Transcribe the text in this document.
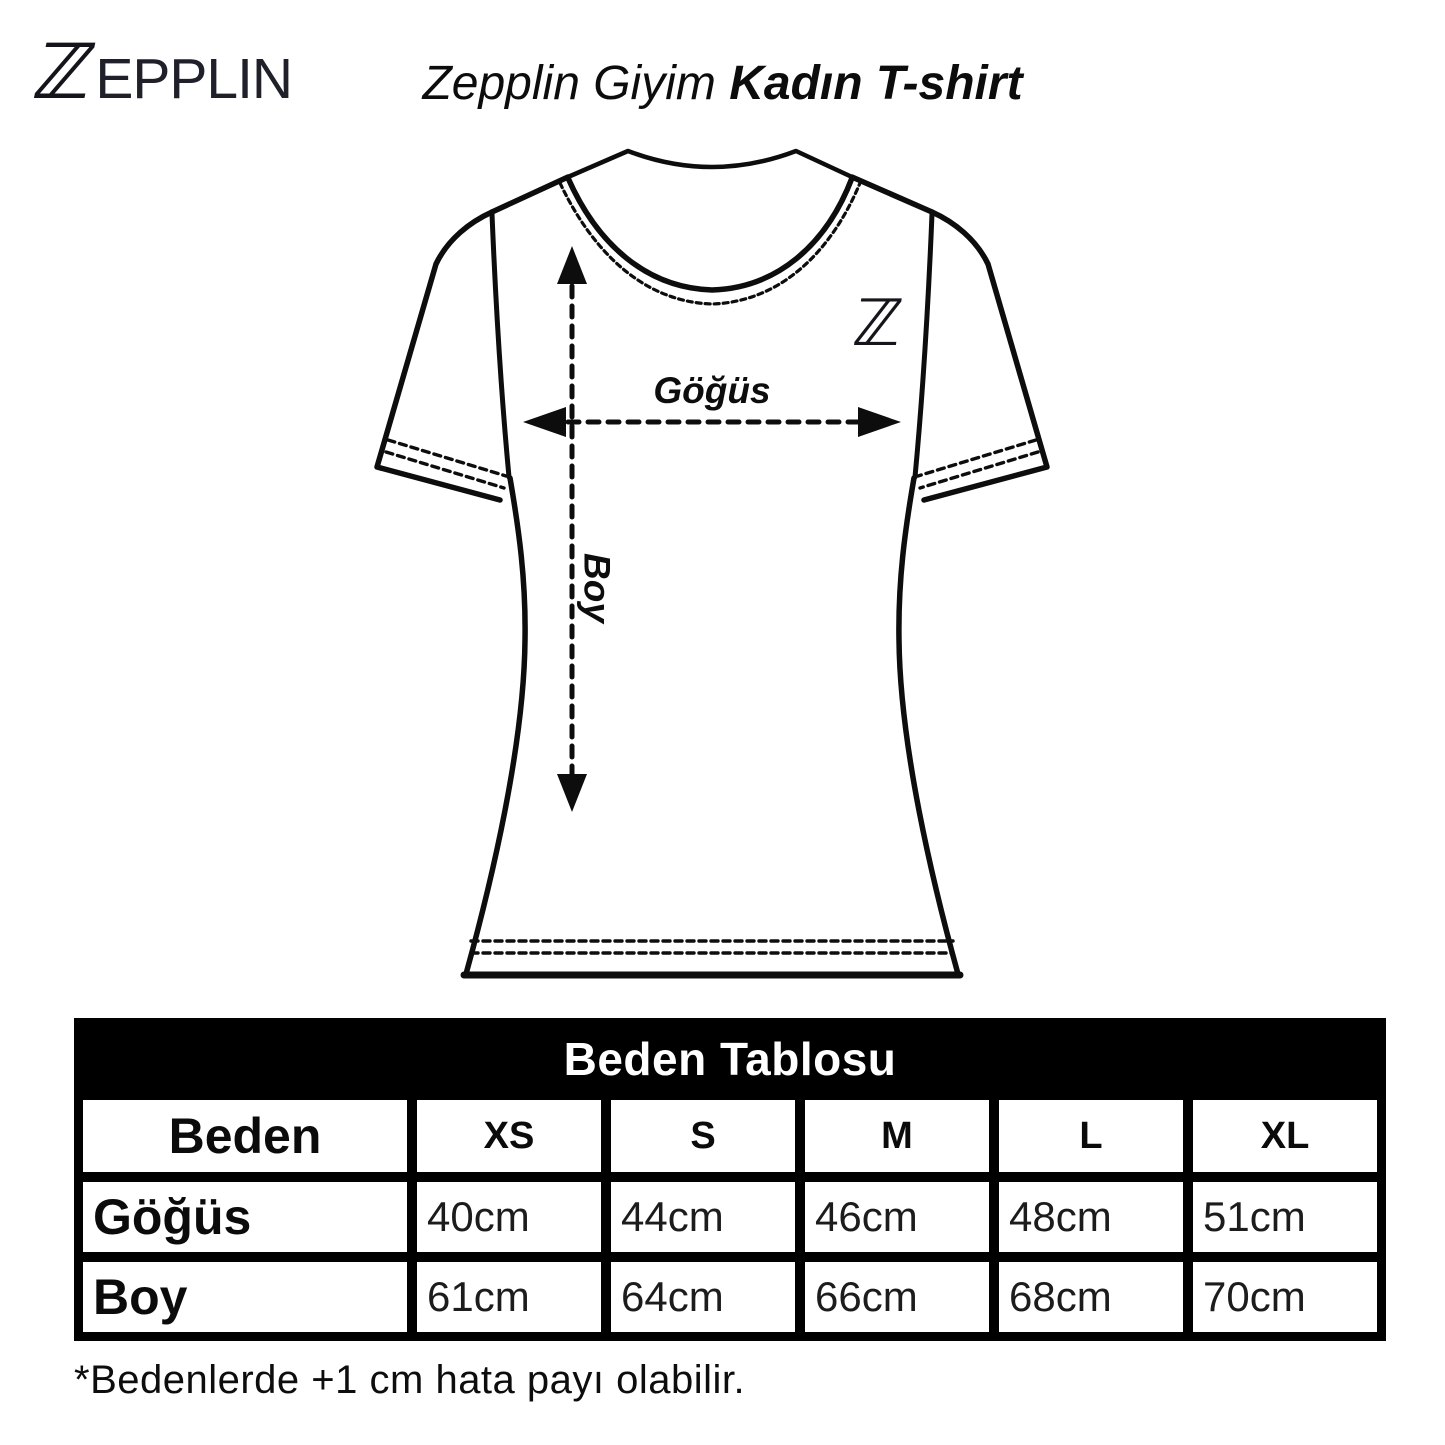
ℤ
EPPLIN	Zepplin Giyim Kadın T-shirt
Göğüs
Boy
ℤ
Beden Tablosu
Beden	XS	S	M	L	XL
Göğüs	40cm	44cm	46cm	48cm	51cm
Boy	61cm	64cm	66cm	68cm	70cm
*Bedenlerde +1 cm hata payı olabilir.
